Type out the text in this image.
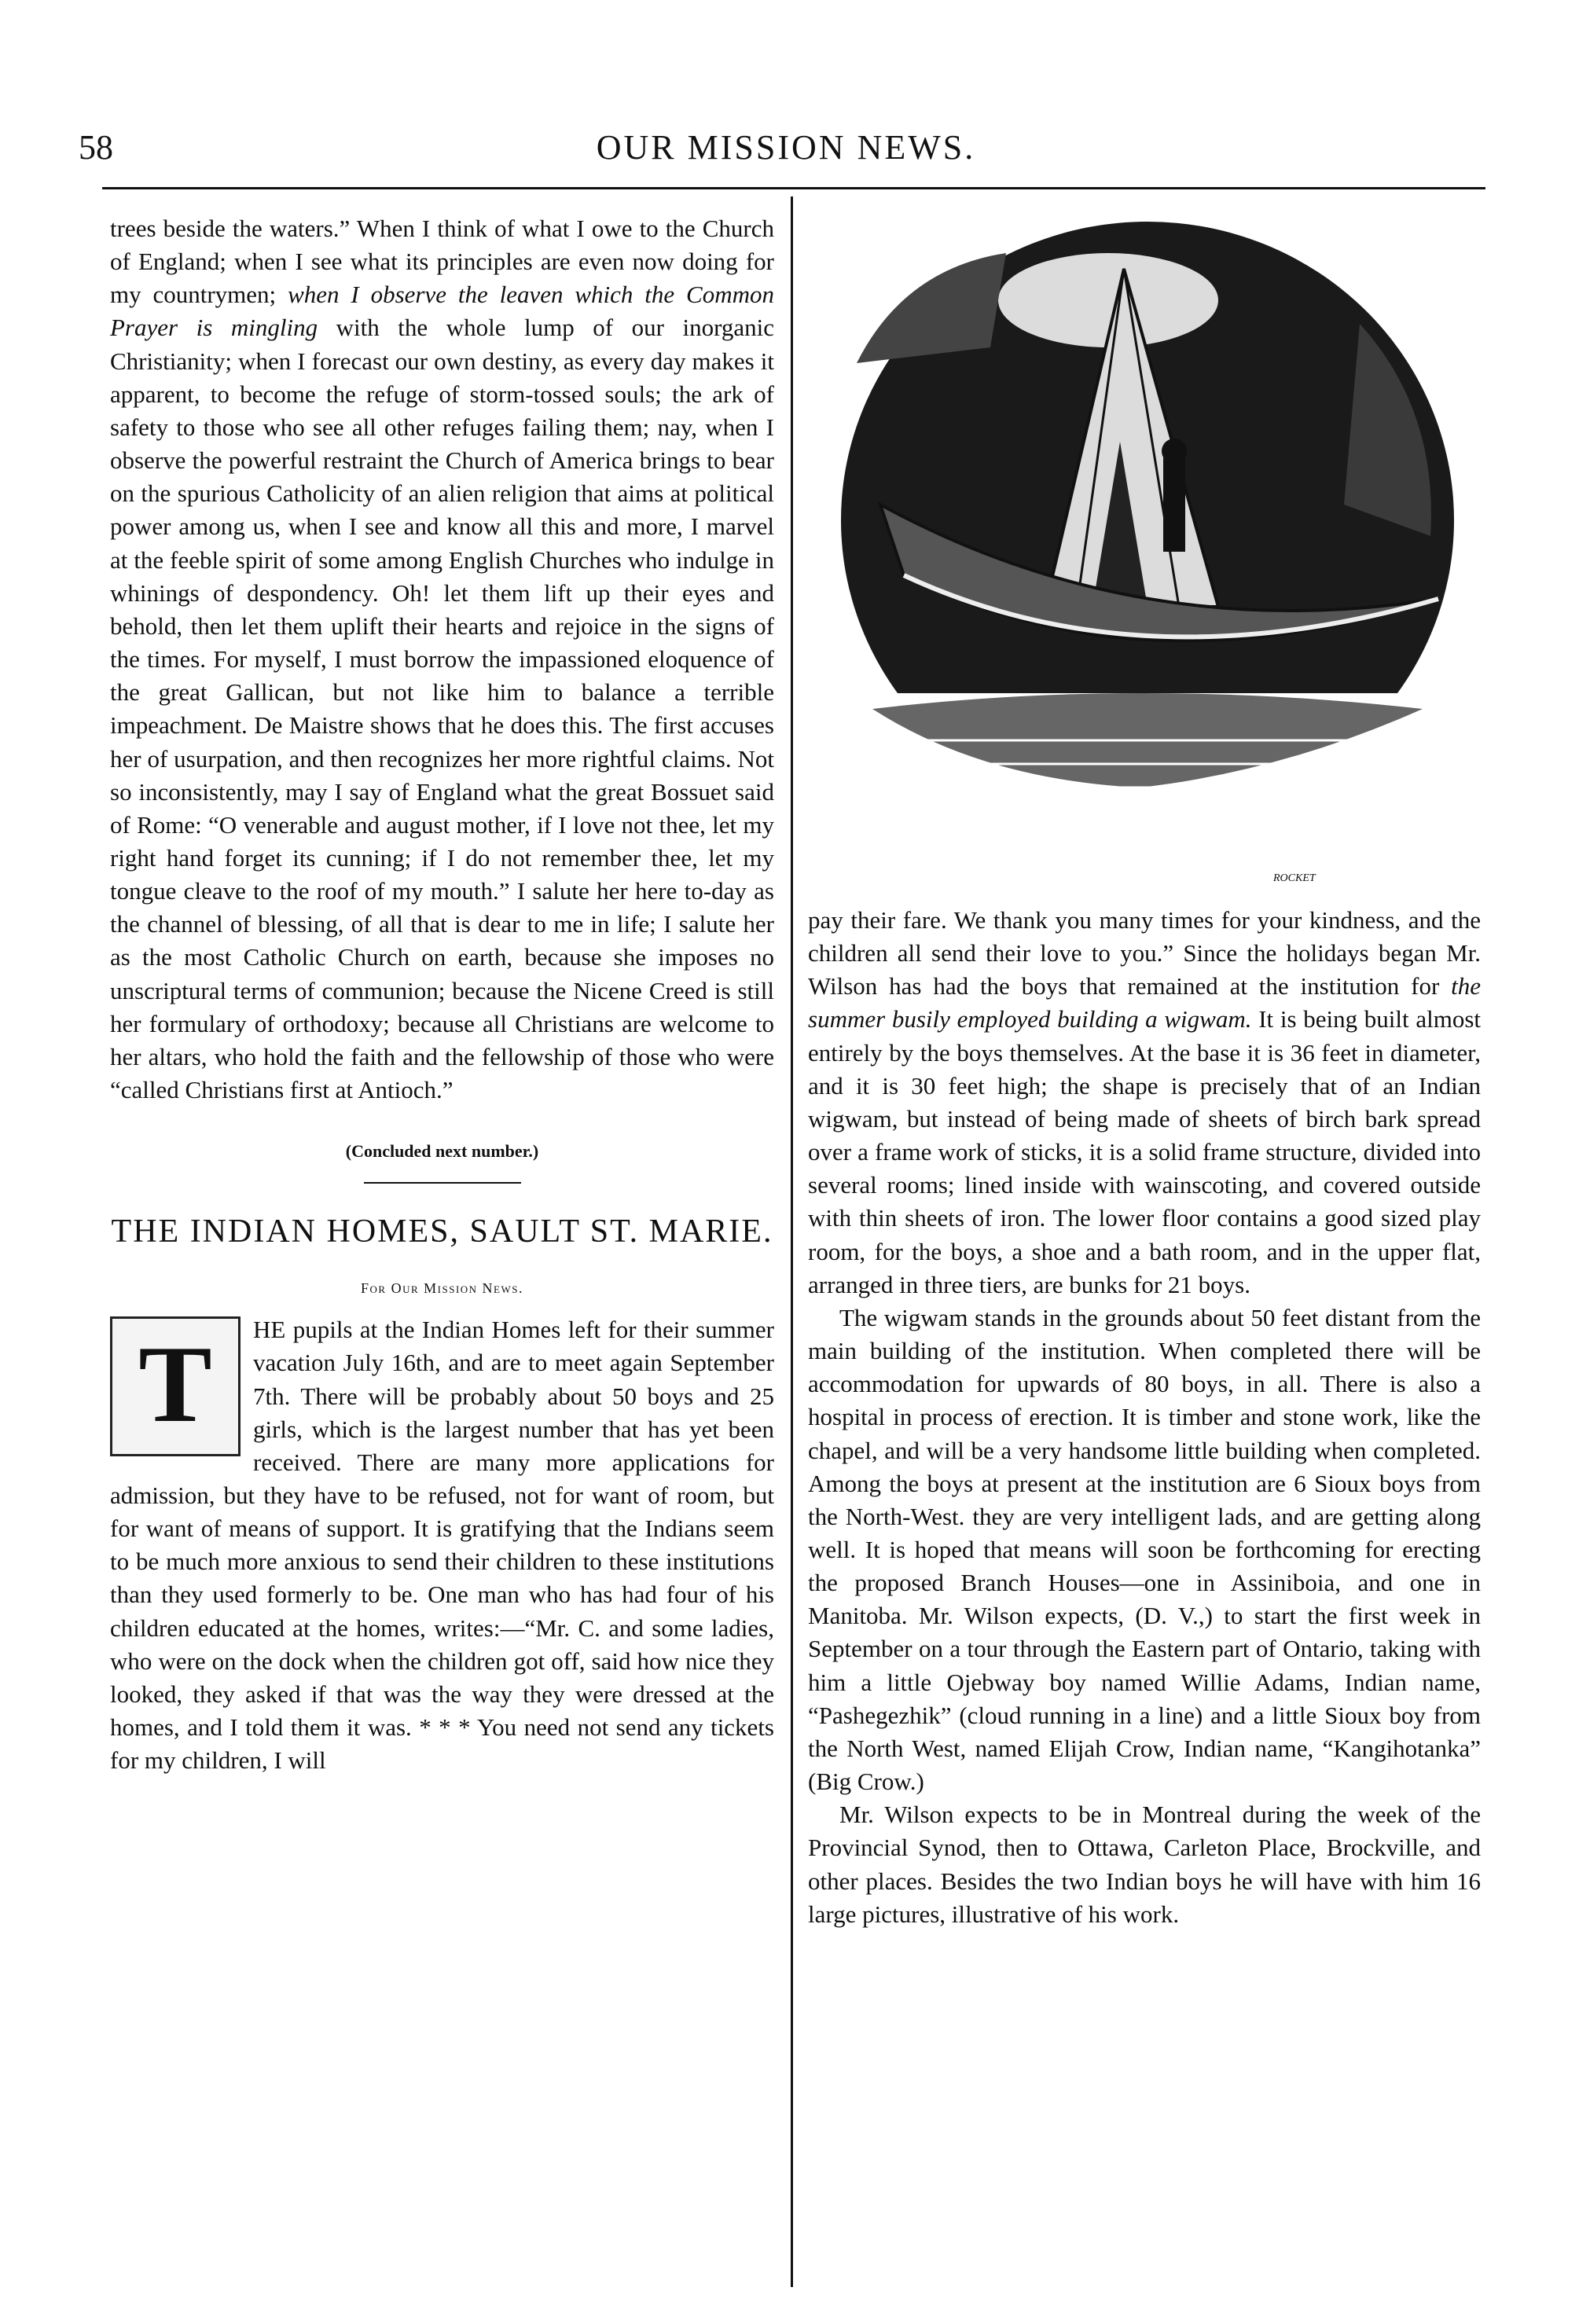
58	OUR MISSION NEWS.

trees beside the waters.” When I think of what I owe to the Church of England; when I see what its principles are even now doing for my countrymen; when I observe the leaven which the Common Prayer is mingling with the whole lump of our inorganic Christianity; when I forecast our own destiny, as every day makes it apparent, to become the refuge of storm-tossed souls; the ark of safety to those who see all other refuges failing them; nay, when I observe the powerful restraint the Church of America brings to bear on the spurious Catholicity of an alien religion that aims at political power among us, when I see and know all this and more, I marvel at the feeble spirit of some among English Churches who indulge in whinings of despondency. Oh! let them lift up their eyes and behold, then let them uplift their hearts and rejoice in the signs of the times. For myself, I must borrow the impassioned eloquence of the great Gallican, but not like him to balance a terrible impeachment. De Maistre shows that he does this. The first accuses her of usurpation, and then recognizes her more rightful claims. Not so inconsistently, may I say of England what the great Bossuet said of Rome: “O venerable and august mother, if I love not thee, let my right hand forget its cunning; if I do not remember thee, let my tongue cleave to the roof of my mouth.” I salute her here to-day as the channel of blessing, of all that is dear to me in life; I salute her as the most Catholic Church on earth, because she imposes no unscriptural terms of communion; because the Nicene Creed is still her formulary of orthodoxy; because all Christians are welcome to her altars, who hold the faith and the fellowship of those who were “called Christians first at Antioch.”

(Concluded next number.)
THE INDIAN HOMES, SAULT ST. MARIE.
For Our Mission News.

T	HE pupils at the Indian Homes left for their summer vacation July 16th, and are to meet again September 7th. There will be probably about 50 boys and 25 girls, which is the largest number that has yet been received. There are many more applications for admission, but they have to be refused, not for want of room, but for want of means of support. It is gratifying that the Indians seem to be much more anxious to send their children to these institutions than they used formerly to be. One man who has had four of his children educated at the homes, writes:—“Mr. C. and some ladies, who were on the dock when the children got off, said how nice they looked, they asked if that was the way they were dressed at the homes, and I told them it was. * * * You need not send any tickets for my children, I will

ROCKET

pay their fare. We thank you many times for your kindness, and the children all send their love to you.” Since the holidays began Mr. Wilson has had the boys that remained at the institution for the summer busily employed building a wigwam. It is being built almost entirely by the boys themselves. At the base it is 36 feet in diameter, and it is 30 feet high; the shape is precisely that of an Indian wigwam, but instead of being made of sheets of birch bark spread over a frame work of sticks, it is a solid frame structure, divided into several rooms; lined inside with wainscoting, and covered outside with thin sheets of iron. The lower floor contains a good sized play room, for the boys, a shoe and a bath room, and in the upper flat, arranged in three tiers, are bunks for 21 boys.

The wigwam stands in the grounds about 50 feet distant from the main building of the institution. When completed there will be accommodation for upwards of 80 boys, in all. There is also a hospital in process of erection. It is timber and stone work, like the chapel, and will be a very handsome little building when completed. Among the boys at present at the institution are 6 Sioux boys from the North-West. they are very intelligent lads, and are getting along well. It is hoped that means will soon be forthcoming for erecting the proposed Branch Houses—one in Assiniboia, and one in Manitoba. Mr. Wilson expects, (D. V.,) to start the first week in September on a tour through the Eastern part of Ontario, taking with him a little Ojebway boy named Willie Adams, Indian name, “Pashegezhik” (cloud running in a line) and a little Sioux boy from the North West, named Elijah Crow, Indian name, “Kangihotanka” (Big Crow.)

Mr. Wilson expects to be in Montreal during the week of the Provincial Synod, then to Ottawa, Carleton Place, Brockville, and other places. Besides the two Indian boys he will have with him 16 large pictures, illustrative of his work.
